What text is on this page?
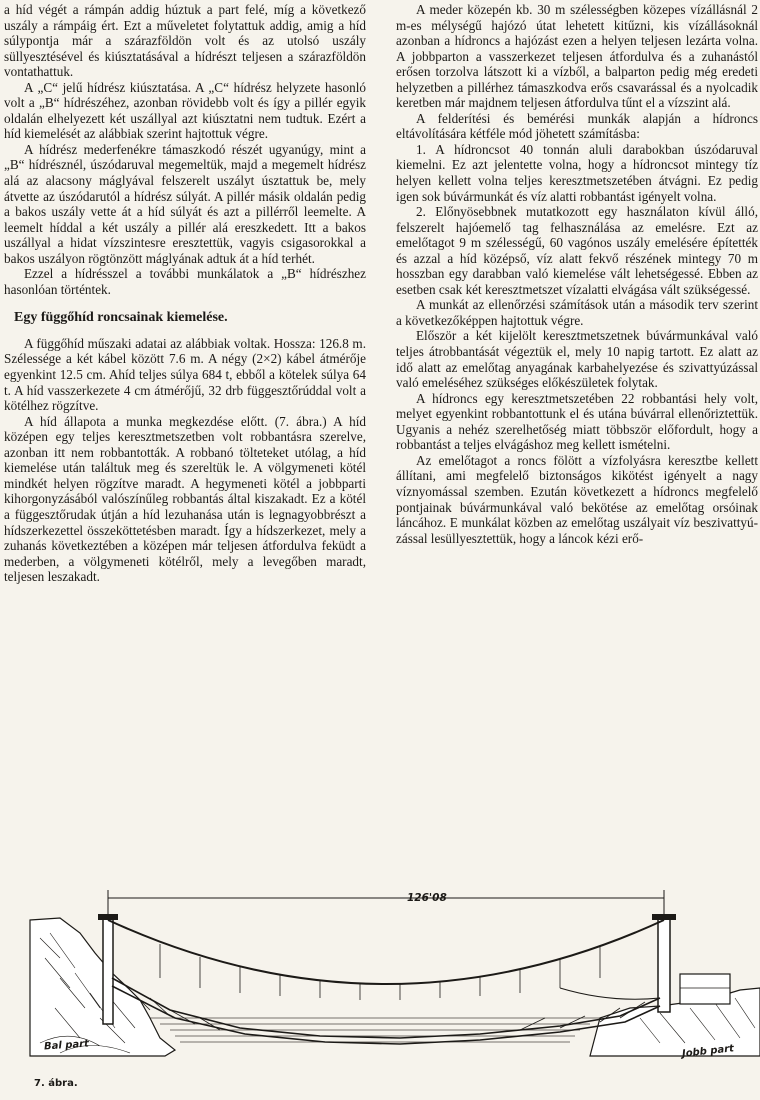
a híd végét a rámpán addig húztuk a part felé, míg a következő uszály a rámpáig ért. Ezt a műveletet folytattuk addig, amig a híd súlypontja már a szárazföldön volt és az utolsó uszály süllyesztésével és kiúsztatásával a hídrészt teljesen a szárazföldön vontathattuk.

A „C“ jelű hídrész kiúsztatása. A „C“ hídrész helyzete hasonló volt a „B“ hídrészéhez, azonban rövidebb volt és így a pillér egyik oldalán elhelyezett két uszállyal azt kiúsztatni nem tudtuk. Ezért a híd kiemelését az alábbiak szerint hajtottuk végre.

A hídrész mederfenékre támaszkodó részét ugyanúgy, mint a „B“ hídrésznél, úszódaruval megemeltük, majd a megemelt hídrész alá az alacsony máglyával felszerelt uszályt úsztattuk be, mely átvette az úszódarutól a hídrész súlyát. A pillér másik oldalán pedig a bakos uszály vette át a híd súlyát és azt a pillérről leemelte. A leemelt híddal a két uszály a pillér alá ereszkedett. Itt a bakos uszállyal a hidat vízszintesre eresztettük, vagyis csigasorokkal a bakos uszályon rögtönzött máglyának adtuk át a híd terhét.

Ezzel a hídrésszel a további munkálatok a „B“ hídrészhez hasonlóan történtek.

Egy függőhíd roncsainak kiemelése.

A függőhíd műszaki adatai az alábbiak voltak. Hossza: 126.8 m. Szélessége a két kábel között 7.6 m. A négy (2×2) kábel átmérője egyenkint 12.5 cm. Ahíd teljes súlya 684 t, ebből a kötelek súlya 64 t. A híd vasszerkezete 4 cm átmérőjű, 32 drb függesztőrúddal volt a kötélhez rögzítve.

A híd állapota a munka megkezdése előtt. (7. ábra.) A híd középen egy teljes keresztmetszetben volt robbantásra szerelve, azonban itt nem robbantották. A robbanó tölteteket utólag, a híd kiemelése után találtuk meg és szereltük le. A völgymeneti kötél mindkét helyen rögzítve maradt. A hegymeneti kötél a jobbparti kihorgonyzásából valószínűleg robbantás által kiszakadt. Ez a kötél a függesztőrudak útján a híd lezuhanása után is legnagyobbrészt a hídszerkezettel összeköttetésben maradt. Így a hídszerkezet, mely a zuhanás következtében a középen már teljesen átfordulva feküdt a mederben, a völgymeneti kötélről, mely a levegőben maradt, teljesen leszakadt.

A meder közepén kb. 30 m szélességben közepes vízállásnál 2 m-es mélységű hajózó útat lehetett kitűzni, kis vízállásoknál azonban a hídroncs a hajózást ezen a helyen teljesen lezárta volna. A jobbparton a vasszerkezet teljesen átfordulva és a zuhanástól erősen torzolva látszott ki a vízből, a balparton pedig még eredeti helyzetben a pillérhez támaszkodva erős csavarással és a nyolcadik keretben már majdnem teljesen átfordulva tűnt el a vízszint alá.

A felderítési és bemérési munkák alapján a hídroncs eltávolítására kétféle mód jöhetett számításba:

1. A hídroncsot 40 tonnán aluli darabokban úszódaruval kiemelni. Ez azt jelentette volna, hogy a hídroncsot mintegy tíz helyen kellett volna teljes keresztmetszetében átvágni. Ez pedig igen sok búvármunkát és víz alatti robbantást igényelt volna.

2. Előnyösebbnek mutatkozott egy használaton kívül álló, felszerelt hajóemelő tag felhasználása az emelésre. Ezt az emelőtagot 9 m szélességű, 60 vagónos uszály emelésére építették és azzal a híd középső, víz alatt fekvő részének mintegy 70 m hosszban egy darabban való kiemelése vált lehetségessé. Ebben az esetben csak két keresztmetszet vízalatti elvágása vált szükségessé.

A munkát az ellenőrzési számítások után a második terv szerint a következőképpen hajtottuk végre.

Először a két kijelölt keresztmetszetnek búvármunkával való teljes átrobbantását végeztük el, mely 10 napig tartott. Ez alatt az idő alatt az emelőtag anyagának karbahelyezése és szivattyúzással való emeléséhez szükséges előkészületek folytak.

A hídroncs egy keresztmetszetében 22 robbantási hely volt, melyet egyenkint robbantottunk el és utána búvárral ellenőriztettük. Ugyanis a nehéz szerelhetőség miatt többször előfordult, hogy a robbantást a teljes elvágáshoz meg kellett ismételni.

Az emelőtagot a roncs fölött a vízfolyásra keresztbe kellett állítani, ami megfelelő biztonságos kikötést igényelt a nagy víznyomással szemben. Ezután következett a hídroncs megfelelő pontjainak búvármunkával való bekötése az emelőtag orsóinak láncához. E munkálat közben az emelőtag uszályait víz beszivattyúzással lesüllyesztettük, hogy a láncok kézi erő-

126'08
Bal part	Jobb part
7. ábra.
